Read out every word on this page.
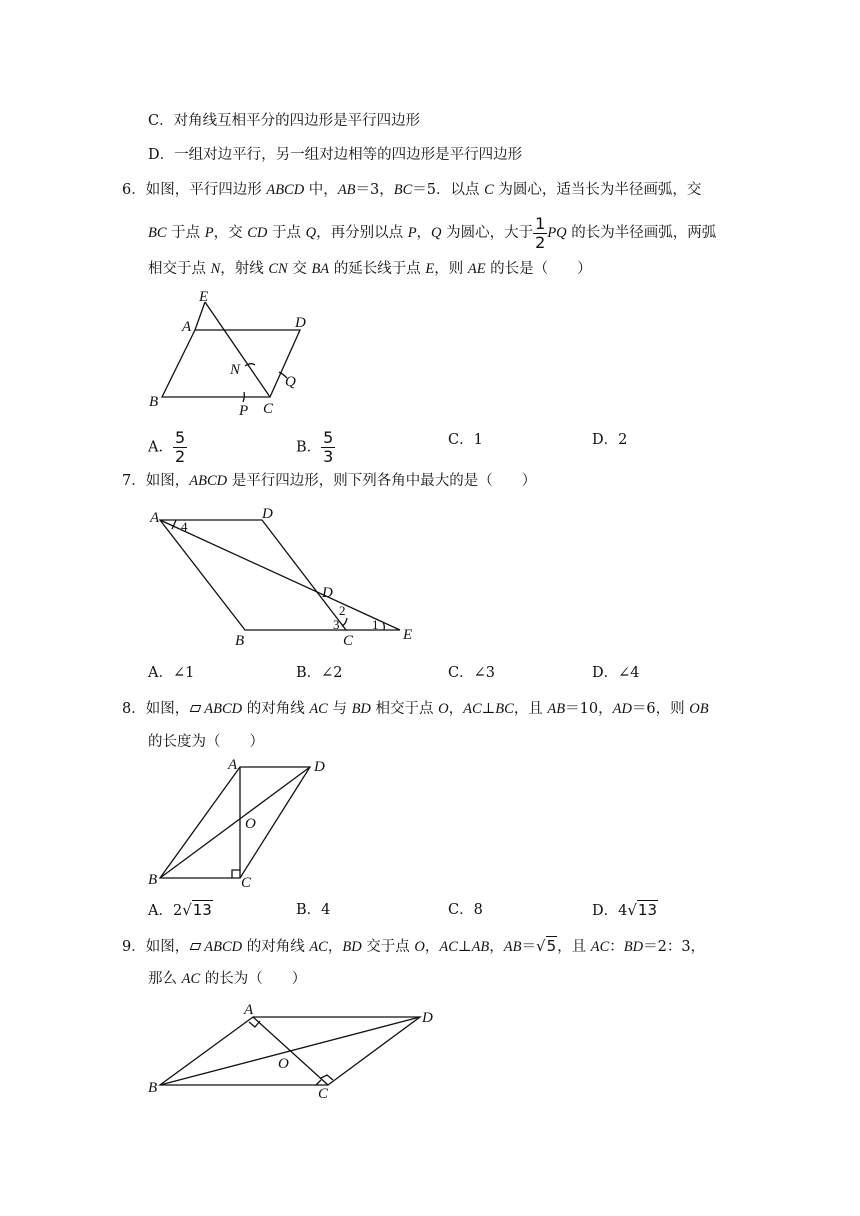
C．对角线互相平分的四边形是平行四边形
D．一组对边平行，另一组对边相等的四边形是平行四边形
6．如图，平行四边形 ABCD 中，AB＝3，BC＝5．以点 C 为圆心，适当长为半径画弧，交
BC 于点 P，交 CD 于点 Q，再分别以点 P，Q 为圆心，大于 $\frac{1}{2}$ PQ 的长为半径画弧，两弧
相交于点 N，射线 CN 交 BA 的延长线于点 E，则 AE 的长是（　　）
E
A	D
N
Q
B
P C
A	D
D
B	C	E
1
2
3
4
A	D
O
B	C
A	D
O
B	C
A． $\frac{5}{2}$	B． $\frac{5}{3}$	C．1	D．2
7．如图，ABCD 是平行四边形，则下列各角中最大的是（　　）
A．∠1	B．∠2	C．∠3	D．∠4
8．如图， ABCD 的对角线 AC 与 BD 相交于点 O，AC⊥BC，且 AB＝10，AD＝6，则 OB
的长度为（　　）
A．2√13	B．4	C．8	D．4√13
9．如图， ABCD 的对角线 AC，BD 交于点 O，AC⊥AB，AB＝√5，且 AC：BD＝2：3，
那么 AC 的长为（　　）
